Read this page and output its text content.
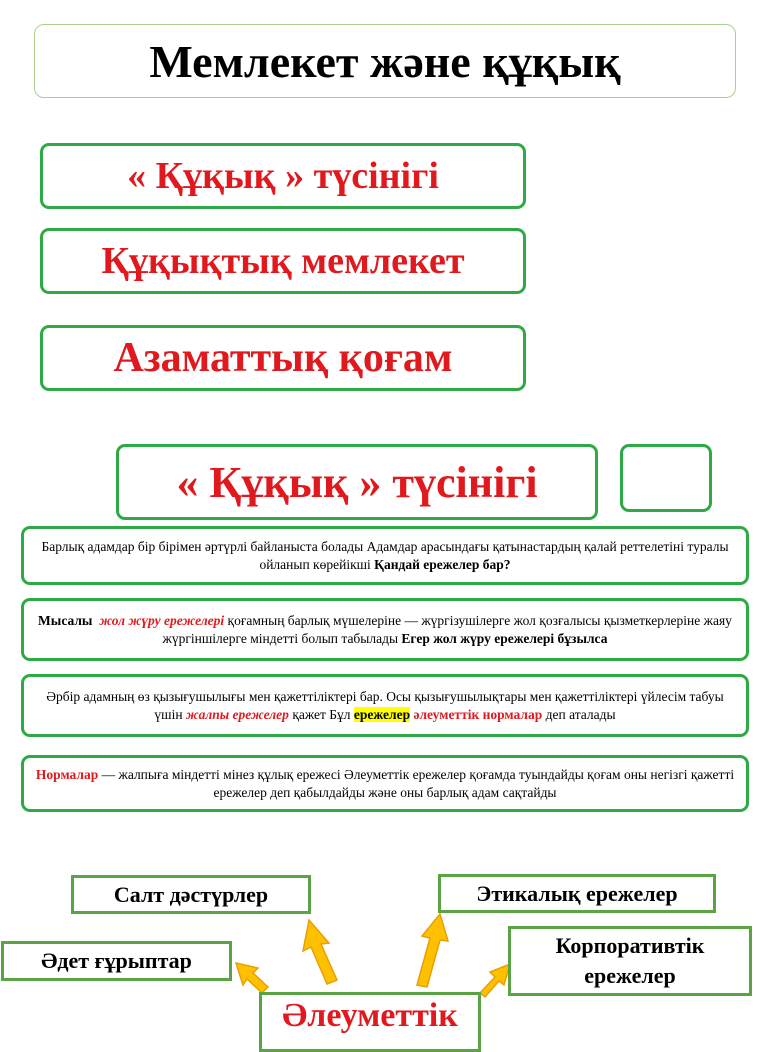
Мемлекет және құқық
« Құқық » түсінігі
Құқықтық мемлекет
Азаматтық қоғам
« Құқық » түсінігі

Барлық адамдар бір бірімен әртүрлі байланыста болады Адамдар арасындағы қатынастардың қалай реттелетіні туралы ойланып көрейікші Қандай ережелер бар?

Мысалы жол жүру ережелері қоғамның барлық мүшелеріне — жүргізушілерге жол қозғалысы қызметкерлеріне жаяу жүргіншілерге міндетті болып табылады Егер жол жүру ережелері бұзылса

Әрбір адамның өз қызығушылығы мен қажеттіліктері бар. Осы қызығушылықтары мен қажеттіліктері үйлесім табуы үшін жалпы ережелер қажет Бұл ережелер әлеуметтік нормалар деп аталады

Нормалар — жалпыға міндетті мінез құлық ережесі Әлеуметтік ережелер қоғамда туындайды қоғам оны негізгі қажетті ережелер деп қабылдайды және оны барлық адам сақтайды

Салт дәстүрлер
Әдет ғұрыптар
Этикалық ережелер
Корпоративтік ережелер
Әлеуметтік
